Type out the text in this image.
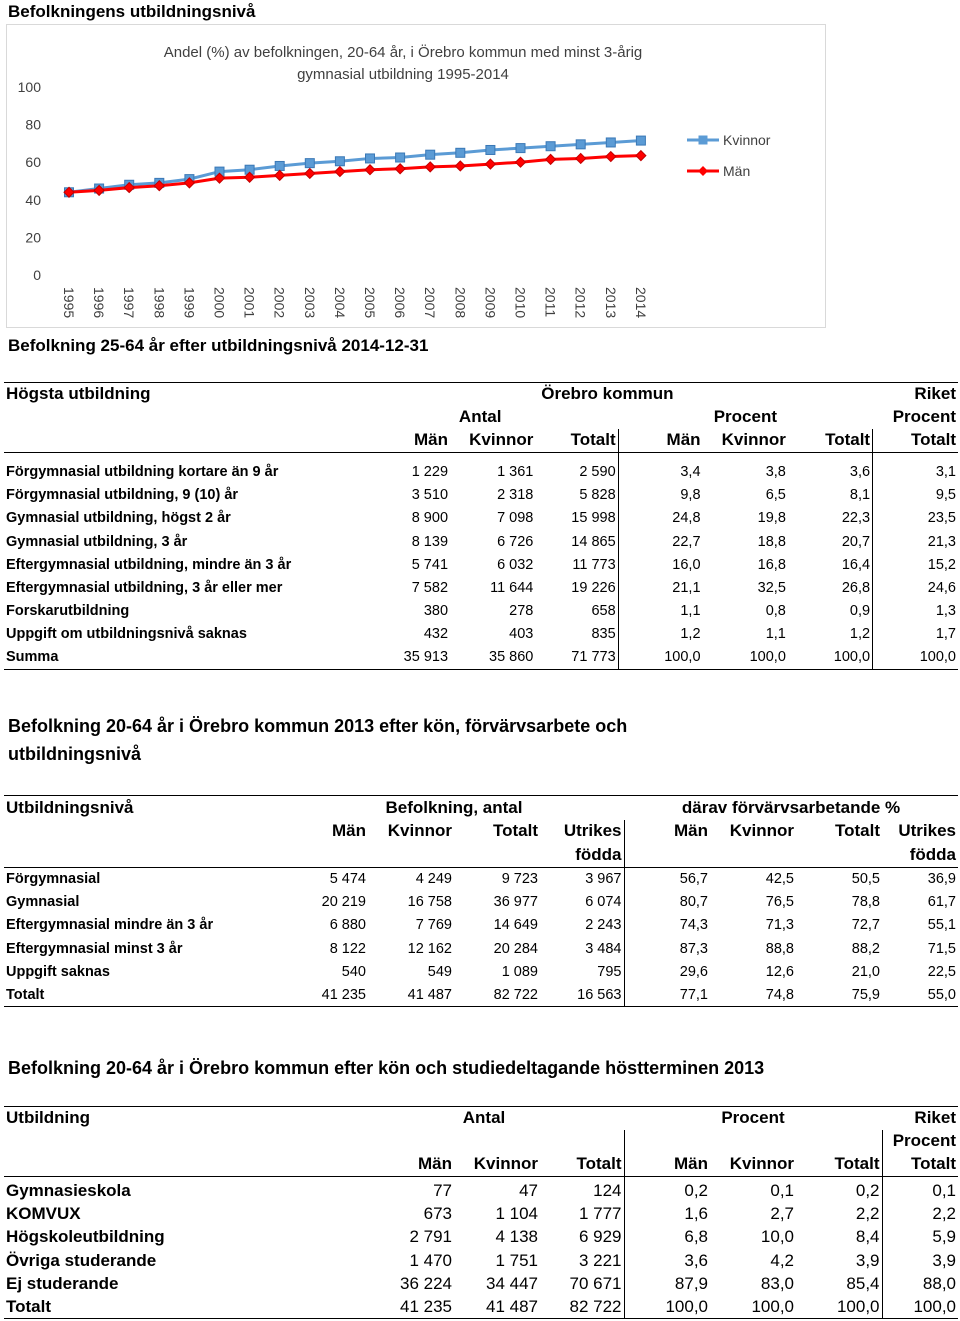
Befolkningens utbildningsnivå
Andel (%) av befolkningen, 20-64 år, i Örebro kommun med minst 3-årig
gymnasial utbildning 1995-2014
0
20
40
60
80
100
1995 1996 1997 1998 1999 2000 2001 2002 2003 2004 2005 2006 2007 2008 2009 2010 2011 2012 2013 2014
Kvinnor
Män
Befolkning 25-64 år efter utbildningsnivå 2014-12-31
Högsta utbildning	Örebro kommun						Riket
	Antal			Procent			Procent
	Män	Kvinnor	Totalt	Män	Kvinnor	Totalt	Totalt

Förgymnasial utbildning kortare än 9 år	1 229	1 361	2 590	3,4	3,8	3,6	3,1
Förgymnasial utbildning, 9 (10) år	3 510	2 318	5 828	9,8	6,5	8,1	9,5
Gymnasial utbildning, högst 2 år	8 900	7 098	15 998	24,8	19,8	22,3	23,5
Gymnasial utbildning, 3 år	8 139	6 726	14 865	22,7	18,8	20,7	21,3
Eftergymnasial utbildning, mindre än 3 år	5 741	6 032	11 773	16,0	16,8	16,4	15,2
Eftergymnasial utbildning, 3 år eller mer	7 582	11 644	19 226	21,1	32,5	26,8	24,6
Forskarutbildning	380	278	658	1,1	0,8	0,9	1,3
Uppgift om utbildningsnivå saknas	432	403	835	1,2	1,1	1,2	1,7
Summa	35 913	35 860	71 773	100,0	100,0	100,0	100,0
Befolkning 20-64 år i Örebro kommun 2013 efter kön, förvärvsarbete och
utbildningsnivå
Utbildningsnivå	Befolkning, antal				därav förvärvsarbetande %			
	Män	Kvinnor	Totalt	Utrikes	Män	Kvinnor	Totalt	Utrikes
				födda				födda
Förgymnasial	5 474	4 249	9 723	3 967	56,7	42,5	50,5	36,9
Gymnasial	20 219	16 758	36 977	6 074	80,7	76,5	78,8	61,7
Eftergymnasial mindre än 3 år	6 880	7 769	14 649	2 243	74,3	71,3	72,7	55,1
Eftergymnasial minst 3 år	8 122	12 162	20 284	3 484	87,3	88,8	88,2	71,5
Uppgift saknas	540	549	1 089	795	29,6	12,6	21,0	22,5
Totalt	41 235	41 487	82 722	16 563	77,1	74,8	75,9	55,0
Befolkning 20-64 år i Örebro kommun efter kön och studiedeltagande höstterminen 2013
Utbildning	Antal			Procent			Riket
							Procent
	Män	Kvinnor	Totalt	Män	Kvinnor	Totalt	Totalt

Gymnasieskola	77	47	124	0,2	0,1	0,2	0,1
KOMVUX	673	1 104	1 777	1,6	2,7	2,2	2,2
Högskoleutbildning	2 791	4 138	6 929	6,8	10,0	8,4	5,9
Övriga studerande	1 470	1 751	3 221	3,6	4,2	3,9	3,9
Ej studerande	36 224	34 447	70 671	87,9	83,0	85,4	88,0
Totalt	41 235	41 487	82 722	100,0	100,0	100,0	100,0
